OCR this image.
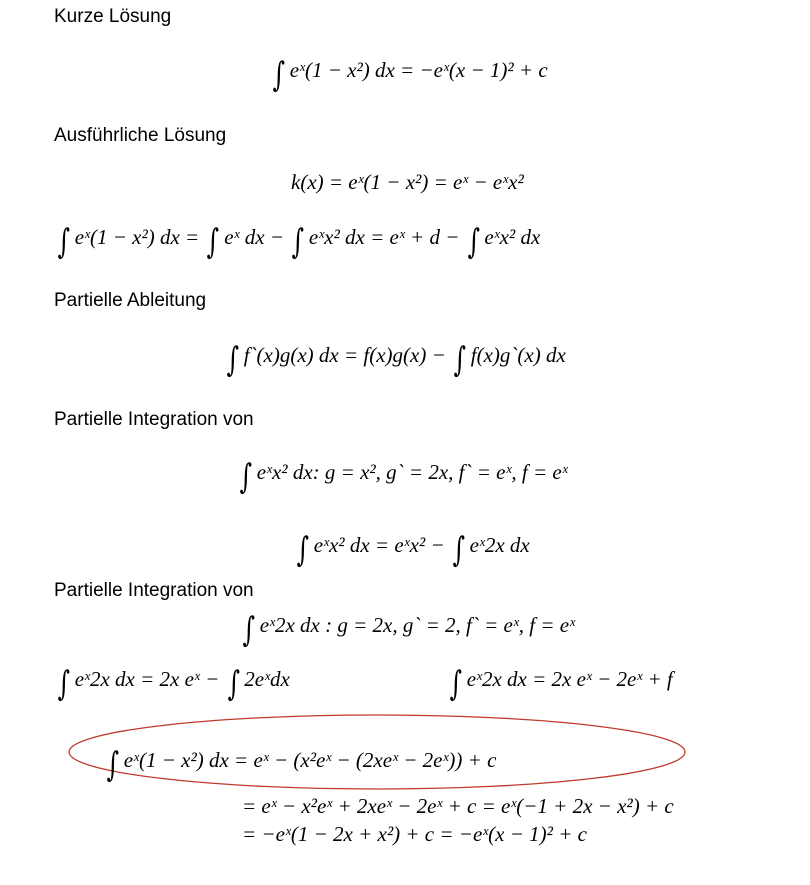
Kurze Lösung
∫ eˣ(1 − x²) dx = −eˣ(x − 1)² + c
Ausführliche Lösung
k(x) = eˣ(1 − x²) = eˣ − eˣx²
∫ eˣ(1 − x²) dx = ∫ eˣ dx − ∫ eˣx² dx = eˣ + d − ∫ eˣx² dx
Partielle Ableitung
∫ f`(x)g(x) dx = f(x)g(x) − ∫ f(x)g`(x) dx
Partielle Integration von
∫ eˣx² dx: g = x², g` = 2x, f` = eˣ, f = eˣ
∫ eˣx² dx = eˣx² − ∫ eˣ2x dx
Partielle Integration von
∫ eˣ2x dx : g = 2x, g` = 2, f` = eˣ, f = eˣ
∫ eˣ2x dx = 2x eˣ − ∫ 2eˣdx	∫ eˣ2x dx = 2x eˣ − 2eˣ + f
∫ eˣ(1 − x²) dx = eˣ − (x²eˣ − (2xeˣ − 2eˣ)) + c
= eˣ − x²eˣ + 2xeˣ − 2eˣ + c = eˣ(−1 + 2x − x²) + c
= −eˣ(1 − 2x + x²) + c = −eˣ(x − 1)² + c
